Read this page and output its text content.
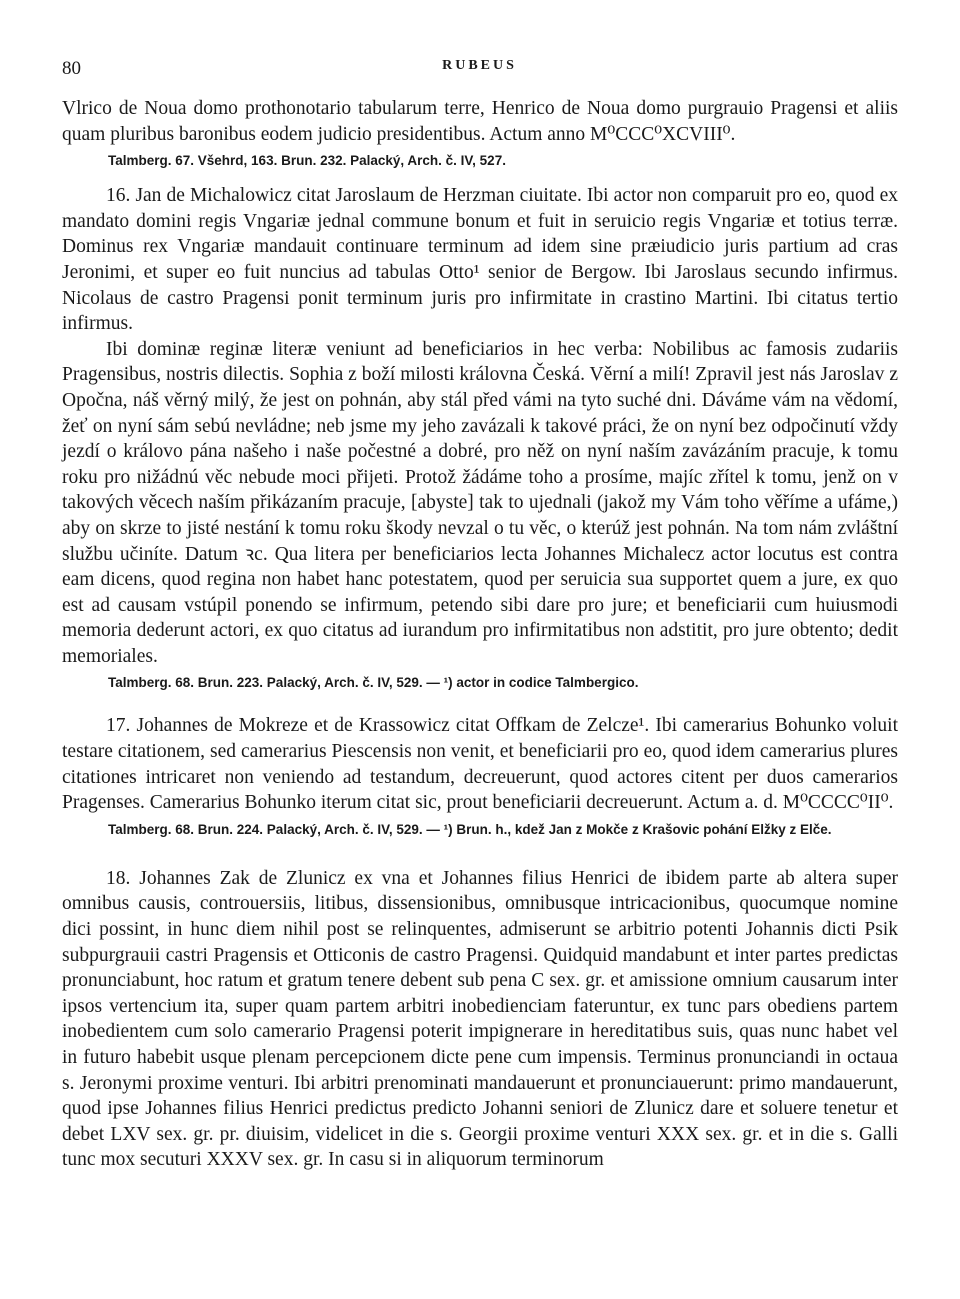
80	RUBEUS

Vlrico de Noua domo prothonotario tabularum terre, Henrico de Noua domo purgrauio Pragensi et aliis quam pluribus baronibus eodem judicio presidentibus. Actum anno M⁰CCC⁰XCVIII⁰.

Talmberg. 67. Všehrd, 163. Brun. 232. Palacký, Arch. č. IV, 527.

16. Jan de Michalowicz citat Jaroslaum de Herzman ciuitate. Ibi actor non comparuit pro eo, quod ex mandato domini regis Vngariæ jednal commune bonum et fuit in seruicio regis Vngariæ et totius terræ. Dominus rex Vngariæ mandauit continuare terminum ad idem sine præiudicio juris partium ad cras Jeronimi, et super eo fuit nuncius ad tabulas Otto¹ senior de Bergow. Ibi Jaroslaus secundo infirmus. Nicolaus de castro Pragensi ponit terminum juris pro infirmitate in crastino Martini. Ibi citatus tertio infirmus.

Ibi dominæ reginæ literæ veniunt ad beneficiarios in hec verba: Nobilibus ac famosis zudariis Pragensibus, nostris dilectis. Sophia z boží milosti královna Česká. Věrní a milí! Zpravil jest nás Jaroslav z Opočna, náš věrný milý, že jest on pohnán, aby stál před vámi na tyto suché dni. Dáváme vám na vědomí, žeť on nyní sám sebú nevládne; neb jsme my jeho zavázali k takové práci, že on nyní bez odpočinutí vždy jezdí o královo pána našeho i naše počestné a dobré, pro něž on nyní naším zavázáním pracuje, k tomu roku pro nižádnú věc nebude moci přijeti. Protož žádáme toho a prosíme, majíc zřítel k tomu, jenž on v takových věcech naším přikázaním pracuje, [abyste] tak to ujednali (jakož my Vám toho věříme a ufáme,) aby on skrze to jisté nestání k tomu roku škody nevzal o tu věc, o kterúž jest pohnán. Na tom nám zvláštní službu učiníte. Datum ꝛc. Qua litera per beneficiarios lecta Johannes Michalecz actor locutus est contra eam dicens, quod regina non habet hanc potestatem, quod per seruicia sua supportet quem a jure, ex quo est ad causam vstúpil ponendo se infirmum, petendo sibi dare pro jure; et beneficiarii cum huiusmodi memoria dederunt actori, ex quo citatus ad iurandum pro infirmitatibus non adstitit, pro jure obtento; dedit memoriales.

Talmberg. 68. Brun. 223. Palacký, Arch. č. IV, 529. — ¹) actor in codice Talmbergico.

17. Johannes de Mokreze et de Krassowicz citat Offkam de Zelcze¹. Ibi camerarius Bohunko voluit testare citationem, sed camerarius Piescensis non venit, et beneficiarii pro eo, quod idem camerarius plures citationes intricaret non veniendo ad testandum, decreuerunt, quod actores citent per duos camerarios Pragenses. Camerarius Bohunko iterum citat sic, prout beneficiarii decreuerunt. Actum a. d. M⁰CCCC⁰II⁰.

Talmberg. 68. Brun. 224. Palacký, Arch. č. IV, 529. — ¹) Brun. h., kdež Jan z Mokče z Krašovic pohání Elžky z Elče.

18. Johannes Zak de Zlunicz ex vna et Johannes filius Henrici de ibidem parte ab altera super omnibus causis, controuersiis, litibus, dissensionibus, omnibusque intricacionibus, quocumque nomine dici possint, in hunc diem nihil post se relinquentes, admiserunt se arbitrio potenti Johannis dicti Psik subpurgrauii castri Pragensis et Otticonis de castro Pragensi. Quidquid mandabunt et inter partes predictas pronunciabunt, hoc ratum et gratum tenere debent sub pena C sex. gr. et amissione omnium causarum inter ipsos vertencium ita, super quam partem arbitri inobedienciam fateruntur, ex tunc pars obediens partem inobedientem cum solo camerario Pragensi poterit impignerare in hereditatibus suis, quas nunc habet vel in futuro habebit usque plenam percepcionem dicte pene cum impensis. Terminus pronunciandi in octaua s. Jeronymi proxime venturi. Ibi arbitri prenominati mandauerunt et pronunciauerunt: primo mandauerunt, quod ipse Johannes filius Henrici predictus predicto Johanni seniori de Zlunicz dare et soluere tenetur et debet LXV sex. gr. pr. diuisim, videlicet in die s. Georgii proxime venturi XXX sex. gr. et in die s. Galli tunc mox secuturi XXXV sex. gr. In casu si in aliquorum terminorum
